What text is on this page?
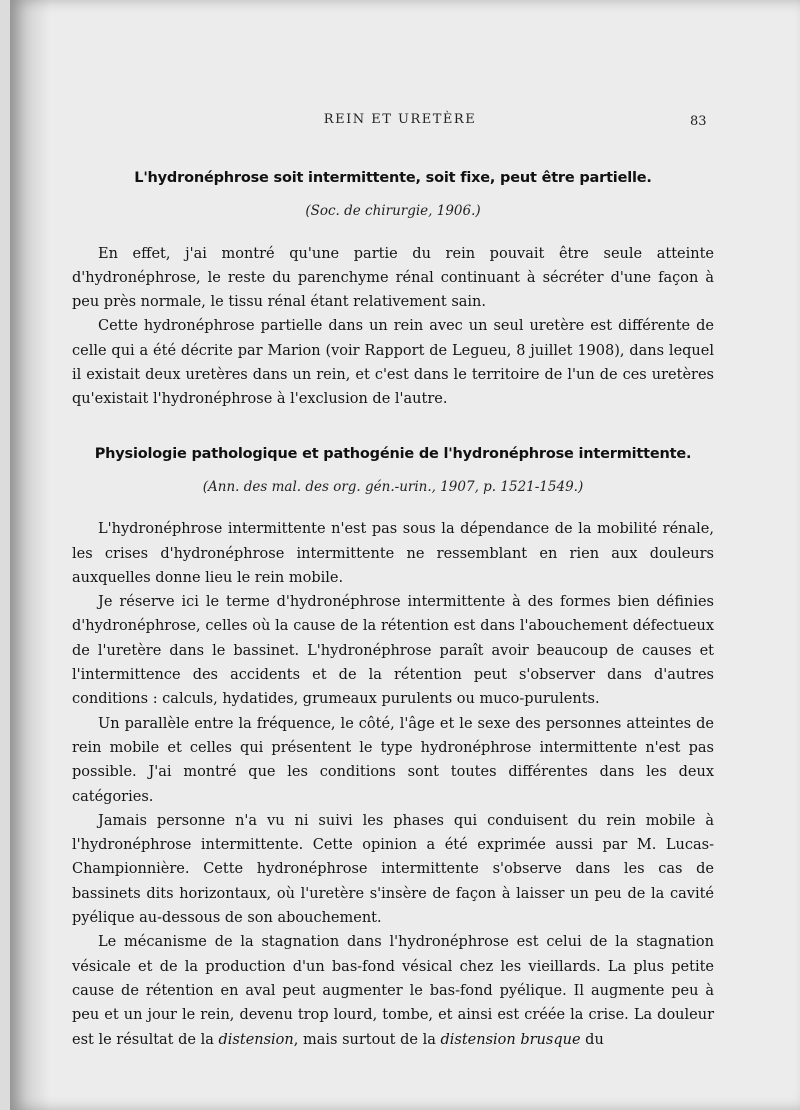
REIN ET URETÈRE	83
L'hydronéphrose soit intermittente, soit fixe, peut être partielle.
(Soc. de chirurgie, 1906.)

En effet, j'ai montré qu'une partie du rein pouvait être seule atteinte d'hydronéphrose, le reste du parenchyme rénal continuant à sécréter d'une façon à peu près normale, le tissu rénal étant relativement sain.

Cette hydronéphrose partielle dans un rein avec un seul uretère est différente de celle qui a été décrite par Marion (voir Rapport de Legueu, 8 juillet 1908), dans lequel il existait deux uretères dans un rein, et c'est dans le territoire de l'un de ces uretères qu'existait l'hydronéphrose à l'exclusion de l'autre.

Physiologie pathologique et pathogénie de l'hydronéphrose intermittente.
(Ann. des mal. des org. gén.-urin., 1907, p. 1521-1549.)

L'hydronéphrose intermittente n'est pas sous la dépendance de la mobilité rénale, les crises d'hydronéphrose intermittente ne ressemblant en rien aux douleurs auxquelles donne lieu le rein mobile.

Je réserve ici le terme d'hydronéphrose intermittente à des formes bien définies d'hydronéphrose, celles où la cause de la rétention est dans l'abouchement défectueux de l'uretère dans le bassinet. L'hydronéphrose paraît avoir beaucoup de causes et l'intermittence des accidents et de la rétention peut s'observer dans d'autres conditions : calculs, hydatides, grumeaux purulents ou muco-purulents.

Un parallèle entre la fréquence, le côté, l'âge et le sexe des personnes atteintes de rein mobile et celles qui présentent le type hydronéphrose intermittente n'est pas possible. J'ai montré que les conditions sont toutes différentes dans les deux catégories.

Jamais personne n'a vu ni suivi les phases qui conduisent du rein mobile à l'hydronéphrose intermittente. Cette opinion a été exprimée aussi par M. Lucas-Championnière. Cette hydronéphrose intermittente s'observe dans les cas de bassinets dits horizontaux, où l'uretère s'insère de façon à laisser un peu de la cavité pyélique au-dessous de son abouchement.

Le mécanisme de la stagnation dans l'hydronéphrose est celui de la stagnation vésicale et de la production d'un bas-fond vésical chez les vieillards. La plus petite cause de rétention en aval peut augmenter le bas-fond pyélique. Il augmente peu à peu et un jour le rein, devenu trop lourd, tombe, et ainsi est créée la crise. La douleur est le résultat de la distension, mais surtout de la distension brusque du
